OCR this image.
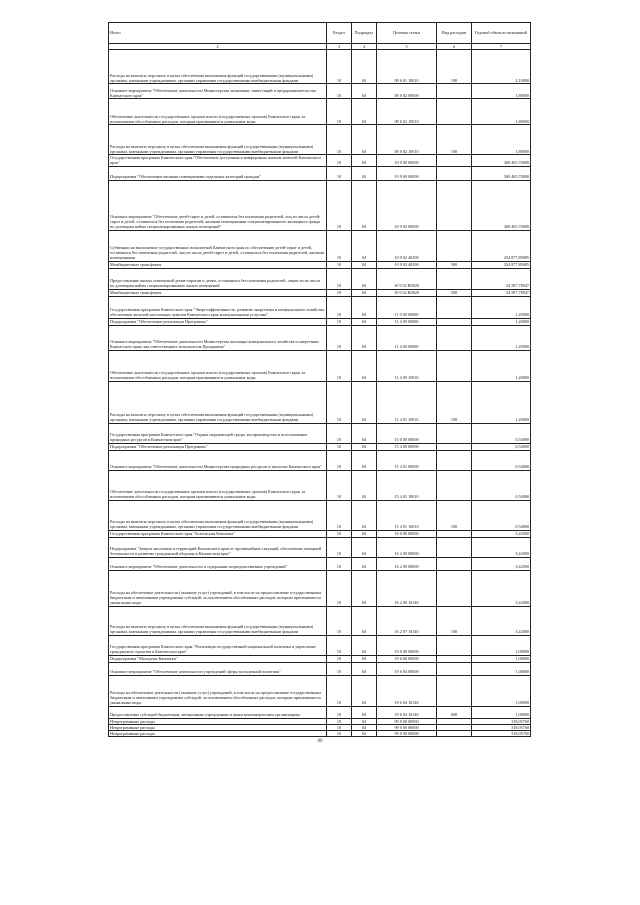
Итого	Раздел	Подраздел	Целевая статья	Вид расходов	Годовой объем ассигнований
2	3	4	5	6	7
Расходы на выплаты персоналу в целях обеспечения выполнения функций государственными (муниципальными) органами, казенными учреждениями, органами управления государственными внебюджетными фондами	10	04	08 6 01 10010	100	2,10000
Основное мероприятие "Обеспечение деятельности Министерства экономики, инвестиций и предпринимательства Камчатского края"	10	04	08 6 02 00000		1,80000
Обеспечение деятельности государственных органов власти (государственных органов) Камчатского края, за исключением обособленных расходов, которым присваиваются уникальные коды	10	04	08 6 02 10010		1,80000
Расходы на выплаты персоналу в целях обеспечения выполнения функций государственными (муниципальными) органами, казенными учреждениями, органами управления государственными внебюджетными фондами	10	04	08 6 02 10010	100	1,80000
Государственная программа Камчатского края "Обеспечение доступным и комфортным жильем жителей Камчатского края"	10	04	10 0 00 00000		369 465,70000
Подпрограмма "Обеспечение жилыми помещениями отдельных категорий граждан"	10	04	10 9 00 00000		369 465,70000
Основное мероприятие "Обеспечение детей-сирот и детей, оставшихся без попечения родителей, лиц из числа детей-сирот и детей, оставшихся без попечения родителей, жилыми помещениями специализированного жилищного фонда по договорам найма специализированных жилых помещений"	10	04	10 9 02 00000		369 465,70000
Субвенции на выполнение государственных полномочий Камчатского края по обеспечению детей-сирот и детей, оставшихся без попечения родителей, лиц из числа детей-сирот и детей, оставшихся без попечения родителей, жилыми помещениями	10	04	10 9 02 40290		254 877,89085
Межбюджетные трансферты	10	04	10 9 02 40290	500	254 877,89085
Предоставление жилых помещений детям-сиротам и детям, оставшимся без попечения родителей, лицам из их числа по договорам найма специализированных жилых помещений	10	04	10 9 02 R0820		54 587,78947
Межбюджетные трансферты	10	04	10 9 02 R0820	500	54 587,78947
Государственная программа Камчатского края "Энергоэффективность, развитие энергетики и коммунального хозяйства, обеспечение жителей населенных пунктов Камчатского края коммунальными услугами"	10	04	11 0 00 00000		1,20000
Подпрограмма "Обеспечение реализации Программы"	10	04	11 4 00 00000		1,20000
Основное мероприятие "Обеспечение деятельности Министерства жилищно-коммунального хозяйства и энергетики Камчатского края, как ответственного исполнителя Программы"	10	04	11 4 00 00000		1,20000
Обеспечение деятельности государственных органов власти (государственных органов) Камчатского края, за исключением обособленных расходов, которым присваиваются уникальные коды	10	04	11 4 00 10010		1,20000
Расходы на выплаты персоналу в целях обеспечения выполнения функций государственными (муниципальными) органами, казенными учреждениями, органами управления государственными внебюджетными фондами	10	04	11 4 01 10010	100	1,20000
Государственная программа Камчатского края "Охрана окружающей среды, воспроизводство и использование природных ресурсов в Камчатском крае"	10	04	15 0 00 00000		0,54000
Подпрограмма "Обеспечение реализации Программы"	10	04	15 4 00 00000		0,54000
Основное мероприятие "Обеспечение деятельности Министерства природных ресурсов и экологии Камчатского края"	10	04	15 4 01 00000		0,54000
Обеспечение деятельности государственных органов власти (государственных органов) Камчатского края, за исключением обособленных расходов, которым присваиваются уникальные коды	10	04	15 4 01 10010		0,54000
Расходы на выплаты персоналу в целях обеспечения выполнения функций государственными (муниципальными) органами, казенными учреждениями, органами управления государственными внебюджетными фондами	10	04	15 4 01 10010	100	0,54000
Государственная программа Камчатского края "Безопасная Камчатка"	10	04	16 0 00 00000		3,42000
Подпрограмма "Защита населения и территорий Камчатского края от чрезвычайных ситуаций, обеспечение пожарной безопасности и развитие гражданской обороны в Камчатском крае"	10	04	16 2 00 00000		3,42000
Основное мероприятие "Обеспечение деятельности и содержание подведомственных учреждений"	10	04	16 2 00 00000		3,42000
Расходы на обеспечение деятельности (оказание услуг) учреждений, в том числе на предоставление государственным бюджетным и автономным учреждениям субсидий, за исключением обособленных расходов, которым присваиваются уникальные коды	10	04	16 2 00 10140		3,42000
Расходы на выплаты персоналу в целях обеспечения выполнения функций государственными (муниципальными) органами, казенными учреждениями, органами управления государственными внебюджетными фондами	10	04	16 2 07 10140	100	3,42000
Государственная программа Камчатского края "Реализация государственной национальной политики и укрепление гражданского единства в Камчатском крае"	10	04	19 0 00 00000		1,08000
Подпрограмма "Молодежь Камчатки"	10	04	19 6 00 00000		1,08000
Основное мероприятие "Обеспечение деятельности учреждений сферы молодежной политики"	10	04	19 6 04 00000		1,08000
Расходы на обеспечение деятельности (оказание услуг) учреждений, в том числе на предоставление государственным бюджетным и автономным учреждениям субсидий, за исключением обособленных расходов, которым присваиваются уникальные коды	10	04	19 6 04 10140		1,08000
Предоставление субсидий бюджетным, автономным учреждениям и иным некоммерческим организациям	10	04	19 6 04 10140	600	1,08000
Непрограммные расходы	10	04	99 0 00 00000		318,05760
Непрограммные расходы	10	04	99 0 00 00000		318,05760
Непрограммные расходы	10	04	99 0 00 00000		318,05760
80
